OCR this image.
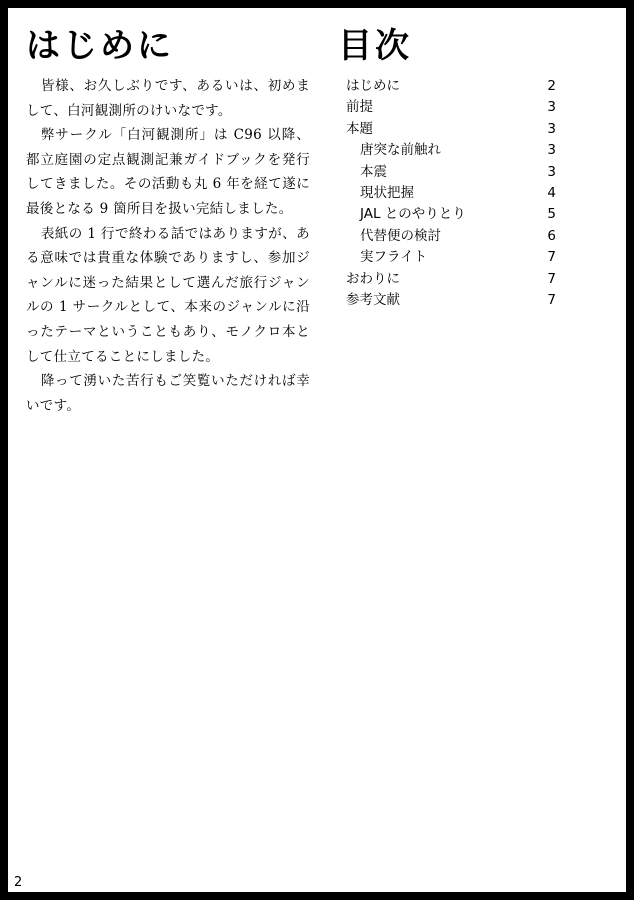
はじめに	目次

皆様、お久しぶりです、あるいは、初めまして、白河観測所のけいなです。

弊サークル「白河観測所」は C96 以降、都立庭園の定点観測記兼ガイドブックを発行してきました。その活動も丸 6 年を経て遂に最後となる 9 箇所目を扱い完結しました。

表紙の 1 行で終わる話ではありますが、ある意味では貴重な体験でありますし、参加ジャンルに迷った結果として選んだ旅行ジャンルの 1 サークルとして、本来のジャンルに沿ったテーマということもあり、モノクロ本として仕立てることにしました。

降って湧いた苦行もご笑覧いただければ幸いです。

はじめに	2
前提	3
本題	3
唐突な前触れ	3
本震	3
現状把握	4
JAL とのやりとり	5
代替便の検討	6
実フライト	7
おわりに	7
参考文献	7
2
